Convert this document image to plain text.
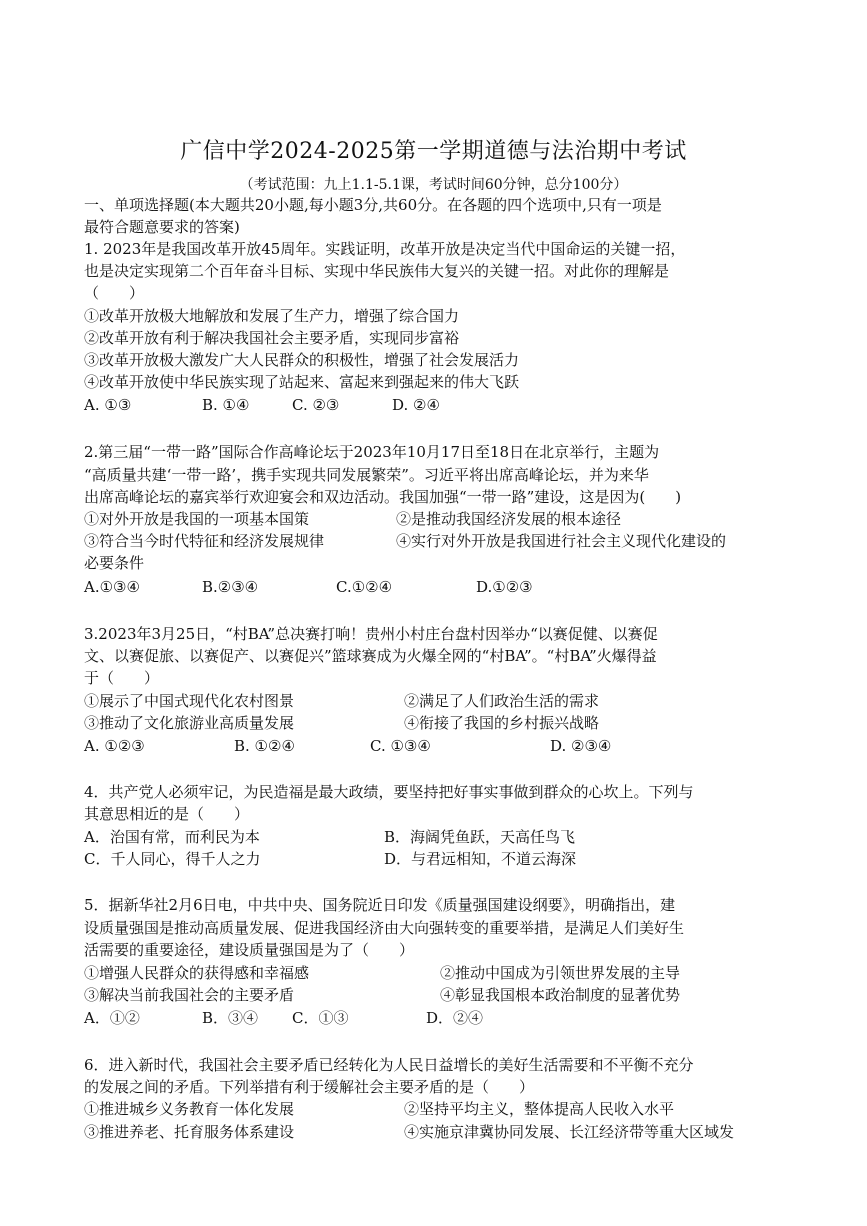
广信中学2024-2025第一学期道德与法治期中考试
（考试范围：九上1.1-5.1课，考试时间60分钟，总分100分）
一、单项选择题(本大题共20小题,每小题3分,共60分。在各题的四个选项中,只有一项是
最符合题意要求的答案)
1. 2023年是我国改革开放45周年。实践证明，改革开放是决定当代中国命运的关键一招，
也是决定实现第二个百年奋斗目标、实现中华民族伟大复兴的关键一招。对此你的理解是
（　　）
①改革开放极大地解放和发展了生产力，增强了综合国力
②改革开放有利于解决我国社会主要矛盾，实现同步富裕
③改革开放极大激发广大人民群众的积极性，增强了社会发展活力
④改革开放使中华民族实现了站起来、富起来到强起来的伟大飞跃
A. ①③	B. ①④	C. ②③	D. ②④
2.第三届“一带一路”国际合作高峰论坛于2023年10月17日至18日在北京举行，主题为
“高质量共建‘一带一路’，携手实现共同发展繁荣”。习近平将出席高峰论坛，并为来华
出席高峰论坛的嘉宾举行欢迎宴会和双边活动。我国加强“一带一路”建设，这是因为(　　)
①对外开放是我国的一项基本国策	②是推动我国经济发展的根本途径
③符合当今时代特征和经济发展规律	④实行对外开放是我国进行社会主义现代化建设的
必要条件
A.①③④	B.②③④	C.①②④	D.①②③
3.2023年3月25日，“村BA”总决赛打响！贵州小村庄台盘村因举办“以赛促健、以赛促
文、以赛促旅、以赛促产、以赛促兴”篮球赛成为火爆全网的“村BA”。“村BA”火爆得益
于（　　）
①展示了中国式现代化农村图景	②满足了人们政治生活的需求
③推动了文化旅游业高质量发展	④衔接了我国的乡村振兴战略
A. ①②③	B. ①②④	C. ①③④	D. ②③④
4．共产党人必须牢记，为民造福是最大政绩，要坚持把好事实事做到群众的心坎上。下列与
其意思相近的是（　　）
A．治国有常，而利民为本	B．海阔凭鱼跃，天高任鸟飞
C．千人同心，得千人之力	D．与君远相知，不道云海深
5．据新华社2月6日电，中共中央、国务院近日印发《质量强国建设纲要》，明确指出，建
设质量强国是推动高质量发展、促进我国经济由大向强转变的重要举措，是满足人们美好生
活需要的重要途径，建设质量强国是为了（　　）
①增强人民群众的获得感和幸福感	②推动中国成为引领世界发展的主导
③解决当前我国社会的主要矛盾	④彰显我国根本政治制度的显著优势
A．①②	B．③④ C．①③	D．②④
6．进入新时代，我国社会主要矛盾已经转化为人民日益增长的美好生活需要和不平衡不充分
的发展之间的矛盾。下列举措有利于缓解社会主要矛盾的是（　　）
①推进城乡义务教育一体化发展	②坚持平均主义，整体提高人民收入水平
③推进养老、托育服务体系建设	④实施京津冀协同发展、长江经济带等重大区域发
